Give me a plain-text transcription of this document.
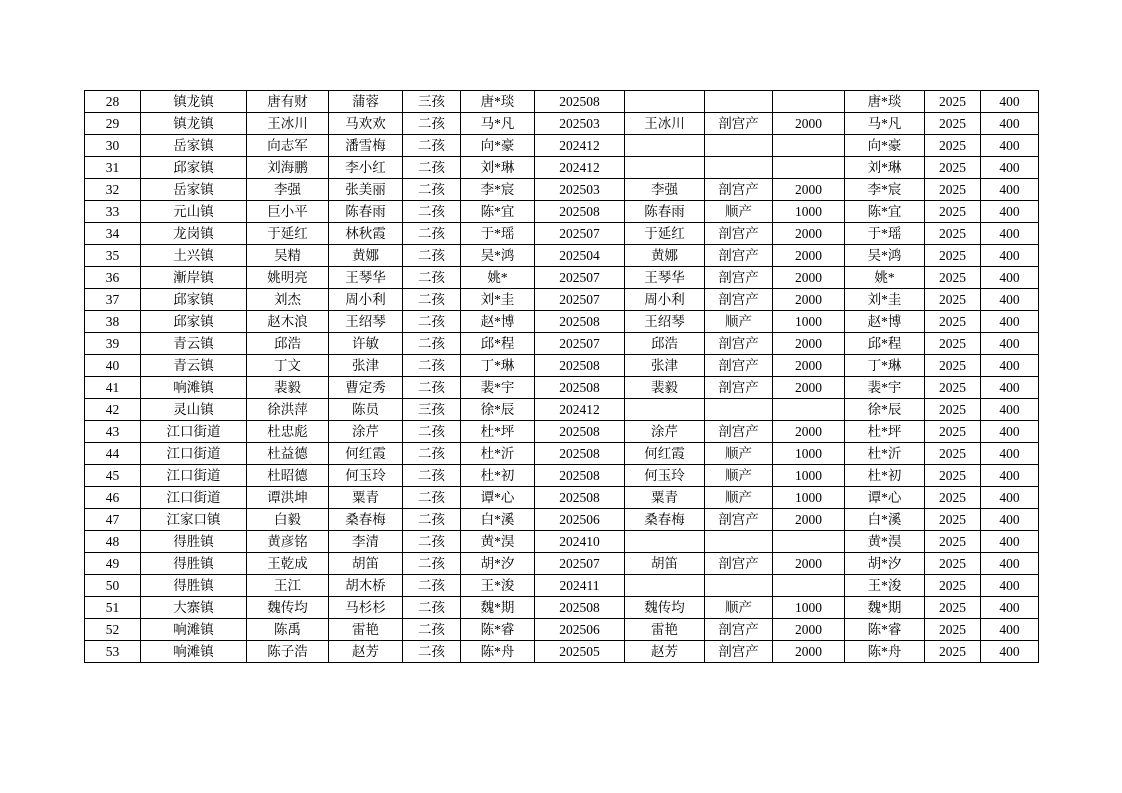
28	镇龙镇	唐有财	蒲蓉	三孩	唐*琰	202508				唐*琰	2025	400
29	镇龙镇	王冰川	马欢欢	二孩	马*凡	202503	王冰川	剖宫产	2000	马*凡	2025	400
30	岳家镇	向志军	潘雪梅	二孩	向*豪	202412				向*豪	2025	400
31	邱家镇	刘海鹏	李小红	二孩	刘*琳	202412				刘*琳	2025	400
32	岳家镇	李强	张美丽	二孩	李*宸	202503	李强	剖宫产	2000	李*宸	2025	400
33	元山镇	巨小平	陈春雨	二孩	陈*宜	202508	陈春雨	顺产	1000	陈*宜	2025	400
34	龙岗镇	于延红	林秋霞	二孩	于*瑶	202507	于延红	剖宫产	2000	于*瑶	2025	400
35	土兴镇	吴精	黄娜	二孩	吴*鸿	202504	黄娜	剖宫产	2000	吴*鸿	2025	400
36	漸岸镇	姚明亮	王琴华	二孩	姚*	202507	王琴华	剖宫产	2000	姚*	2025	400
37	邱家镇	刘杰	周小利	二孩	刘*圭	202507	周小利	剖宫产	2000	刘*圭	2025	400
38	邱家镇	赵木浪	王绍琴	二孩	赵*博	202508	王绍琴	顺产	1000	赵*博	2025	400
39	青云镇	邱浩	许敏	二孩	邱*程	202507	邱浩	剖宫产	2000	邱*程	2025	400
40	青云镇	丁文	张津	二孩	丁*琳	202508	张津	剖宫产	2000	丁*琳	2025	400
41	响滩镇	裴毅	曹定秀	二孩	裴*宇	202508	裴毅	剖宫产	2000	裴*宇	2025	400
42	灵山镇	徐洪萍	陈员	三孩	徐*辰	202412				徐*辰	2025	400
43	江口街道	杜忠彪	涂芹	二孩	杜*坪	202508	涂芹	剖宫产	2000	杜*坪	2025	400
44	江口街道	杜益德	何红霞	二孩	杜*沂	202508	何红霞	顺产	1000	杜*沂	2025	400
45	江口街道	杜昭德	何玉玲	二孩	杜*初	202508	何玉玲	顺产	1000	杜*初	2025	400
46	江口街道	谭洪坤	粟青	二孩	谭*心	202508	粟青	顺产	1000	谭*心	2025	400
47	江家口镇	白毅	桑春梅	二孩	白*溪	202506	桑春梅	剖宫产	2000	白*溪	2025	400
48	得胜镇	黄彦铭	李清	二孩	黄*淏	202410				黄*淏	2025	400
49	得胜镇	王乾成	胡笛	二孩	胡*汐	202507	胡笛	剖宫产	2000	胡*汐	2025	400
50	得胜镇	王江	胡木桥	二孩	王*浚	202411				王*浚	2025	400
51	大寨镇	魏传均	马杉杉	二孩	魏*期	202508	魏传均	顺产	1000	魏*期	2025	400
52	响滩镇	陈禹	雷艳	二孩	陈*睿	202506	雷艳	剖宫产	2000	陈*睿	2025	400
53	响滩镇	陈子浩	赵芳	二孩	陈*舟	202505	赵芳	剖宫产	2000	陈*舟	2025	400
